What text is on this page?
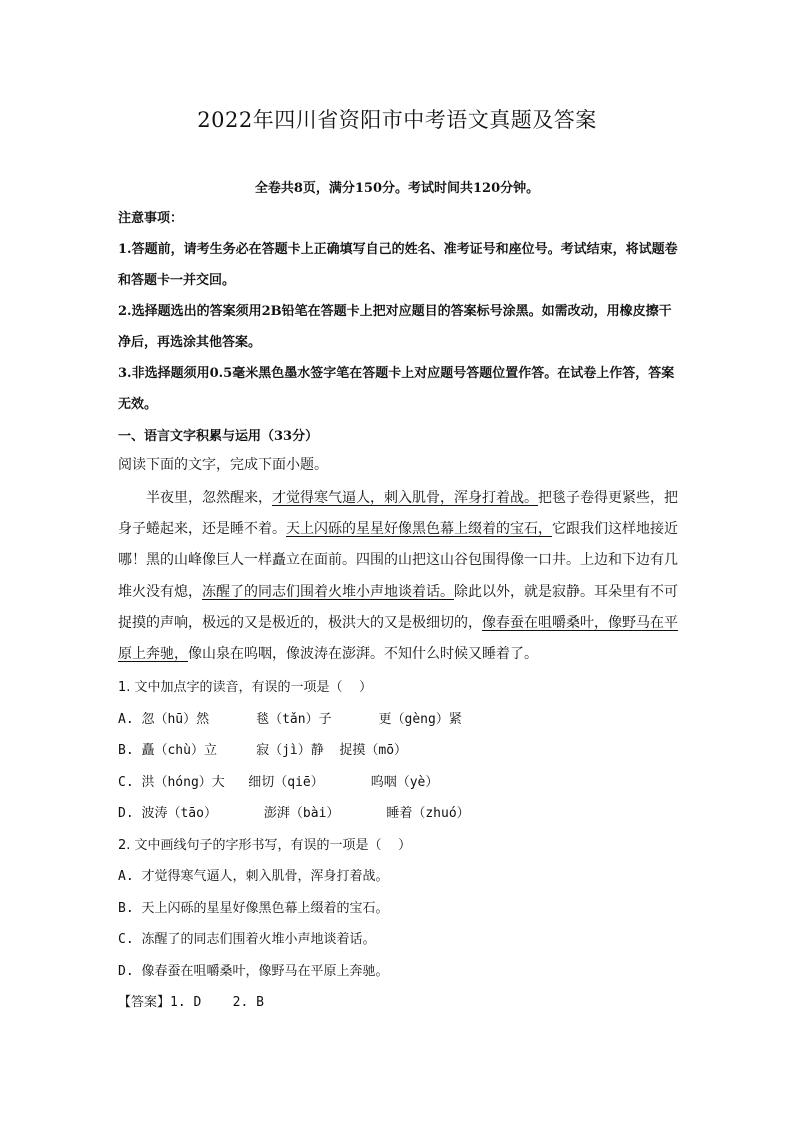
2022年四川省资阳市中考语文真题及答案
全卷共8页，满分150分。考试时间共120分钟。

注意事项：

1.答题前，请考生务必在答题卡上正确填写自己的姓名、准考证号和座位号。考试结束，将试题卷和答题卡一并交回。

2.选择题选出的答案须用2B铅笔在答题卡上把对应题目的答案标号涂黑。如需改动，用橡皮擦干净后，再选涂其他答案。

3.非选择题须用0.5毫米黑色墨水签字笔在答题卡上对应题号答题位置作答。在试卷上作答，答案无效。

一、语言文字积累与运用（33分）
阅读下面的文字，完成下面小题。

半夜里，忽然醒来，才觉得寒气逼人，刺入肌骨，浑身打着战。把毯子卷得更紧些，把身子蜷起来，还是睡不着。天上闪砾的星星好像黑色幕上缀着的宝石，它跟我们这样地接近哪！黑的山峰像巨人一样矗立在面前。四围的山把这山谷包围得像一口井。上边和下边有几堆火没有熄，冻醒了的同志们围着火堆小声地谈着话。除此以外，就是寂静。耳朵里有不可捉摸的声响，极远的又是极近的，极洪大的又是极细切的，像春蚕在咀嚼桑叶，像野马在平原上奔驰，像山泉在呜咽，像波涛在澎湃。不知什么时候又睡着了。

1. 文中加点字的读音，有误的一项是（    ）
A. 忽（hū）然      毯（tǎn）子      更（gèng）紧
B. 矗（chù）立     寂（jì）静  捉摸（mō）
C. 洪（hóng）大   细切（qiē）      呜咽（yè）
D. 波涛（tāo）      澎湃（bài）      睡着（zhuó）
2. 文中画线句子的字形书写，有误的一项是（    ）
A. 才觉得寒气逼人，刺入肌骨，浑身打着战。
B. 天上闪砾的星星好像黑色幕上缀着的宝石。
C. 冻醒了的同志们围着火堆小声地谈着话。
D. 像春蚕在咀嚼桑叶，像野马在平原上奔驰。
【答案】1. D    2. B
